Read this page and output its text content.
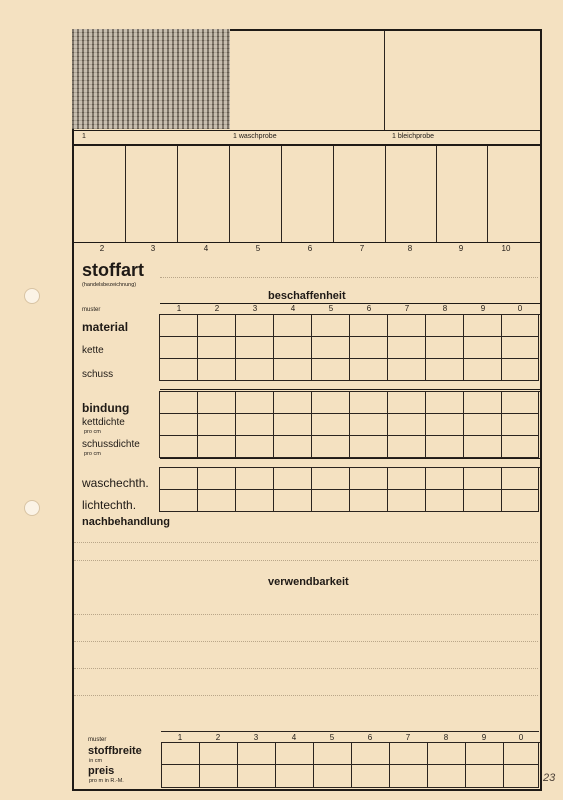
1	1 waschprobe	1 bleichprobe
2	3	4	5	6	7	8	9	10
stoffart
(handelsbezeichnung)
beschaffenheit
muster	1	2	3	4	5	6	7	8	9	0
material
kette
schuss
bindung
kettdichte
pro cm
schussdichte
pro cm
waschechth.
lichtechth.
nachbehandlung
verwendbarkeit
1	2	3	4	5	6	7	8	9	0
muster
stoffbreite
in cm
preis
pro m in R.-M.	23
